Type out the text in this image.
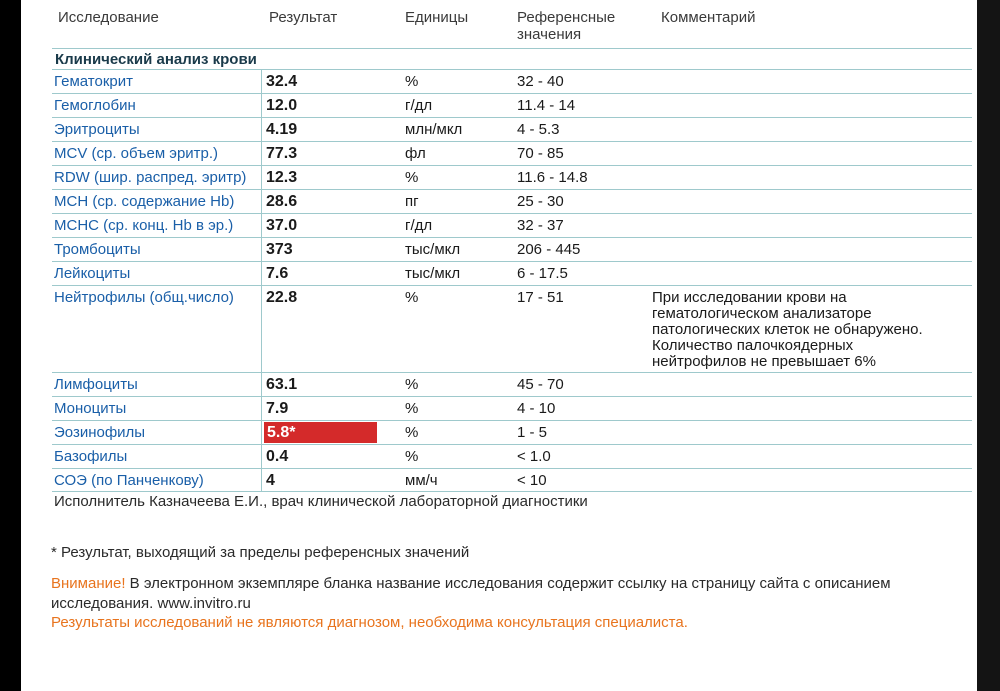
Исследование	Результат	Единицы	Референсные
значения
Комментарий
Клинический анализ крови
Гематокрит	32.4	%	32 - 40
Гемоглобин	12.0	г/дл	11.4 - 14
Эритроциты	4.19	млн/мкл	4 - 5.3
MCV (ср. объем эритр.)	77.3	фл	70 - 85
RDW (шир. распред. эритр)	12.3	%	11.6 - 14.8
MCH (ср. содержание Hb)	28.6	пг	25 - 30
MCHC (ср. конц. Hb в эр.)	37.0	г/дл	32 - 37
Тромбоциты	373	тыс/мкл	206 - 445
Лейкоциты	7.6	тыс/мкл	6 - 17.5
Нейтрофилы (общ.число)	22.8	%	17 - 51	При исследовании крови на
гематологическом анализаторе
патологических клеток не обнаружено.
Количество палочкоядерных
нейтрофилов не превышает 6%
Лимфоциты	63.1	%	45 - 70
Моноциты	7.9	%	4 - 10
Эозинофилы	5.8*	%	1 - 5
Базофилы	0.4	%	< 1.0
СОЭ (по Панченкову)	4	мм/ч	< 10
Исполнитель Казначеева Е.И., врач клинической лабораторной диагностики
* Результат, выходящий за пределы референсных значений
Внимание! В электронном экземпляре бланка название исследования содержит ссылку на страницу сайта с описанием
исследования. www.invitro.ru
Результаты исследований не являются диагнозом, необходима консультация специалиста.
